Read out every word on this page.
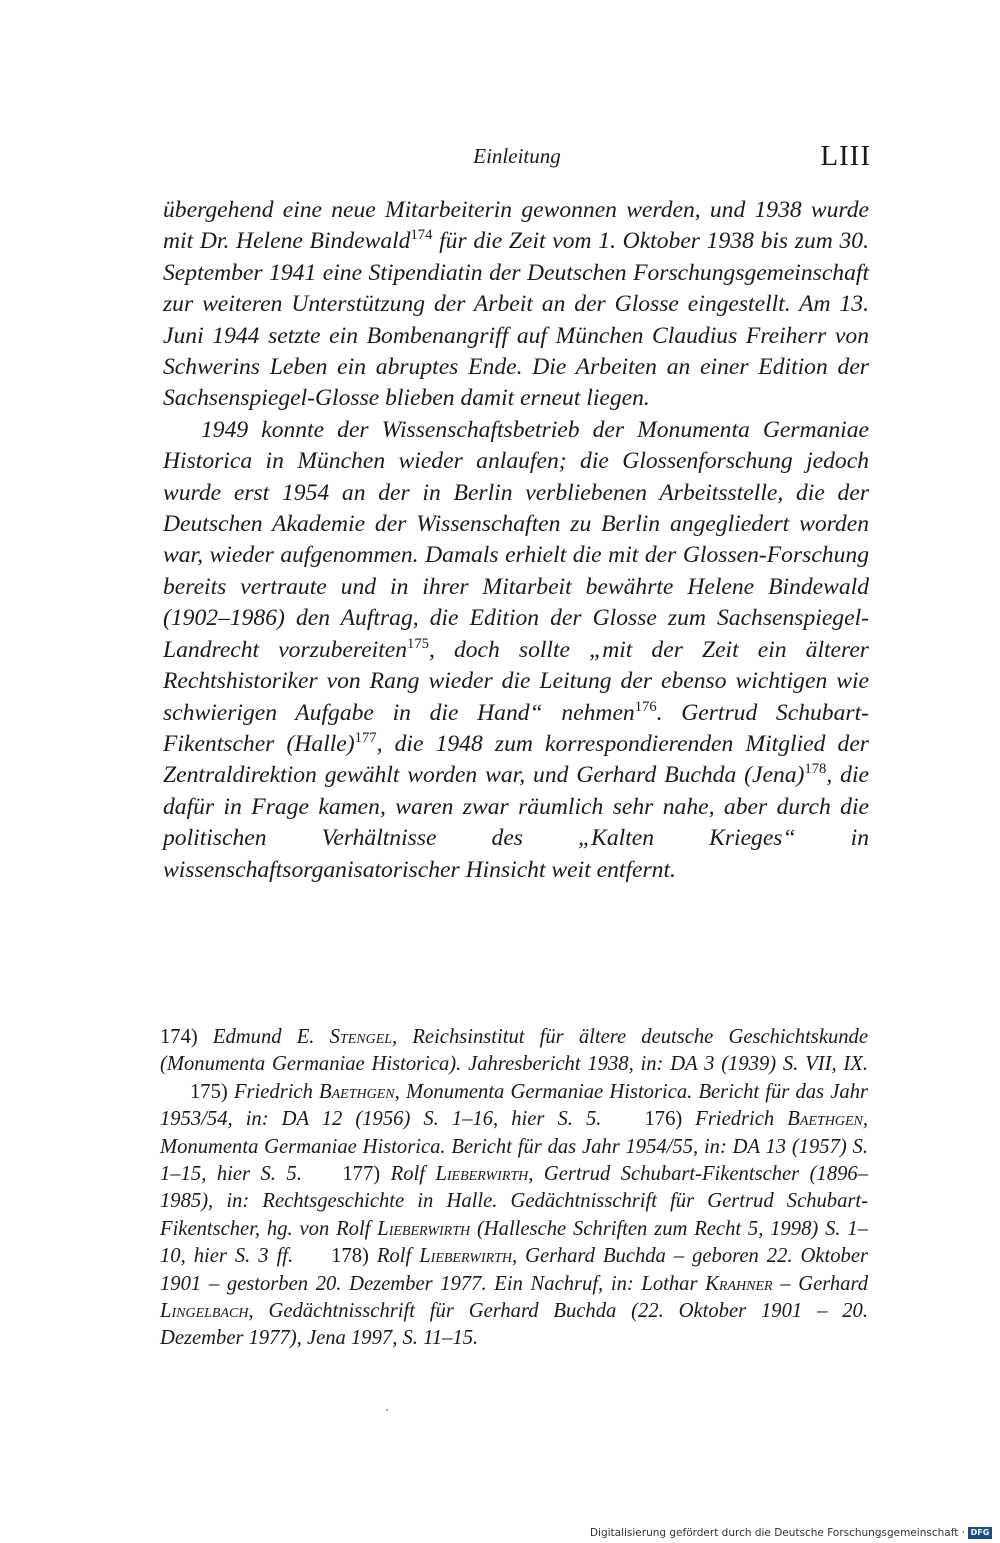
Einleitung	LIII

übergehend eine neue Mitarbeiterin gewonnen werden, und 1938 wurde mit Dr. Helene Bindewald$^{174}$ für die Zeit vom 1. Oktober 1938 bis zum 30. September 1941 eine Stipendiatin der Deutschen Forschungsgemeinschaft zur weiteren Unterstützung der Arbeit an der Glosse eingestellt. Am 13. Juni 1944 setzte ein Bombenangriff auf München Claudius Freiherr von Schwerins Leben ein abruptes Ende. Die Arbeiten an einer Edition der Sachsenspiegel-Glosse blieben damit erneut liegen.

1949 konnte der Wissenschaftsbetrieb der Monumenta Germaniae Historica in München wieder anlaufen; die Glossenforschung jedoch wurde erst 1954 an der in Berlin verbliebenen Arbeitsstelle, die der Deutschen Akademie der Wissenschaften zu Berlin angegliedert worden war, wieder aufgenommen. Damals erhielt die mit der Glossen-Forschung bereits vertraute und in ihrer Mitarbeit bewährte Helene Bindewald (1902–1986) den Auftrag, die Edition der Glosse zum Sachsenspiegel-Landrecht vorzubereiten$^{175}$, doch sollte „mit der Zeit ein älterer Rechtshistoriker von Rang wieder die Leitung der ebenso wichtigen wie schwierigen Aufgabe in die Hand“ nehmen$^{176}$. Gertrud Schubart-Fikentscher (Halle)$^{177}$, die 1948 zum korrespondierenden Mitglied der Zentraldirektion gewählt worden war, und Gerhard Buchda (Jena)$^{178}$, die dafür in Frage kamen, waren zwar räumlich sehr nahe, aber durch die politischen Verhältnisse des „Kalten Krieges“ in wissenschaftsorganisatorischer Hinsicht weit entfernt.

174) Edmund E. Stengel, Reichsinstitut für ältere deutsche Geschichtskunde (Monumenta Germaniae Historica). Jahresbericht 1938, in: DA 3 (1939) S. VII, IX. 175) Friedrich Baethgen, Monumenta Germaniae Historica. Bericht für das Jahr 1953/54, in: DA 12 (1956) S. 1–16, hier S. 5. 176) Friedrich Baethgen, Monumenta Germaniae Historica. Bericht für das Jahr 1954/55, in: DA 13 (1957) S. 1–15, hier S. 5. 177) Rolf Lieberwirth, Gertrud Schubart-Fikentscher (1896–1985), in: Rechtsgeschichte in Halle. Gedächtnisschrift für Gertrud Schubart-Fikentscher, hg. von Rolf Lieberwirth (Hallesche Schriften zum Recht 5, 1998) S. 1–10, hier S. 3 ff. 178) Rolf Lieberwirth, Gerhard Buchda – geboren 22. Oktober 1901 – gestorben 20. Dezember 1977. Ein Nachruf, in: Lothar Krahner – Gerhard Lingelbach, Gedächtnisschrift für Gerhard Buchda (22. Oktober 1901 – 20. Dezember 1977), Jena 1997, S. 11–15.
Digitalisierung gefördert durch die Deutsche Forschungsgemeinschaft · DFG
